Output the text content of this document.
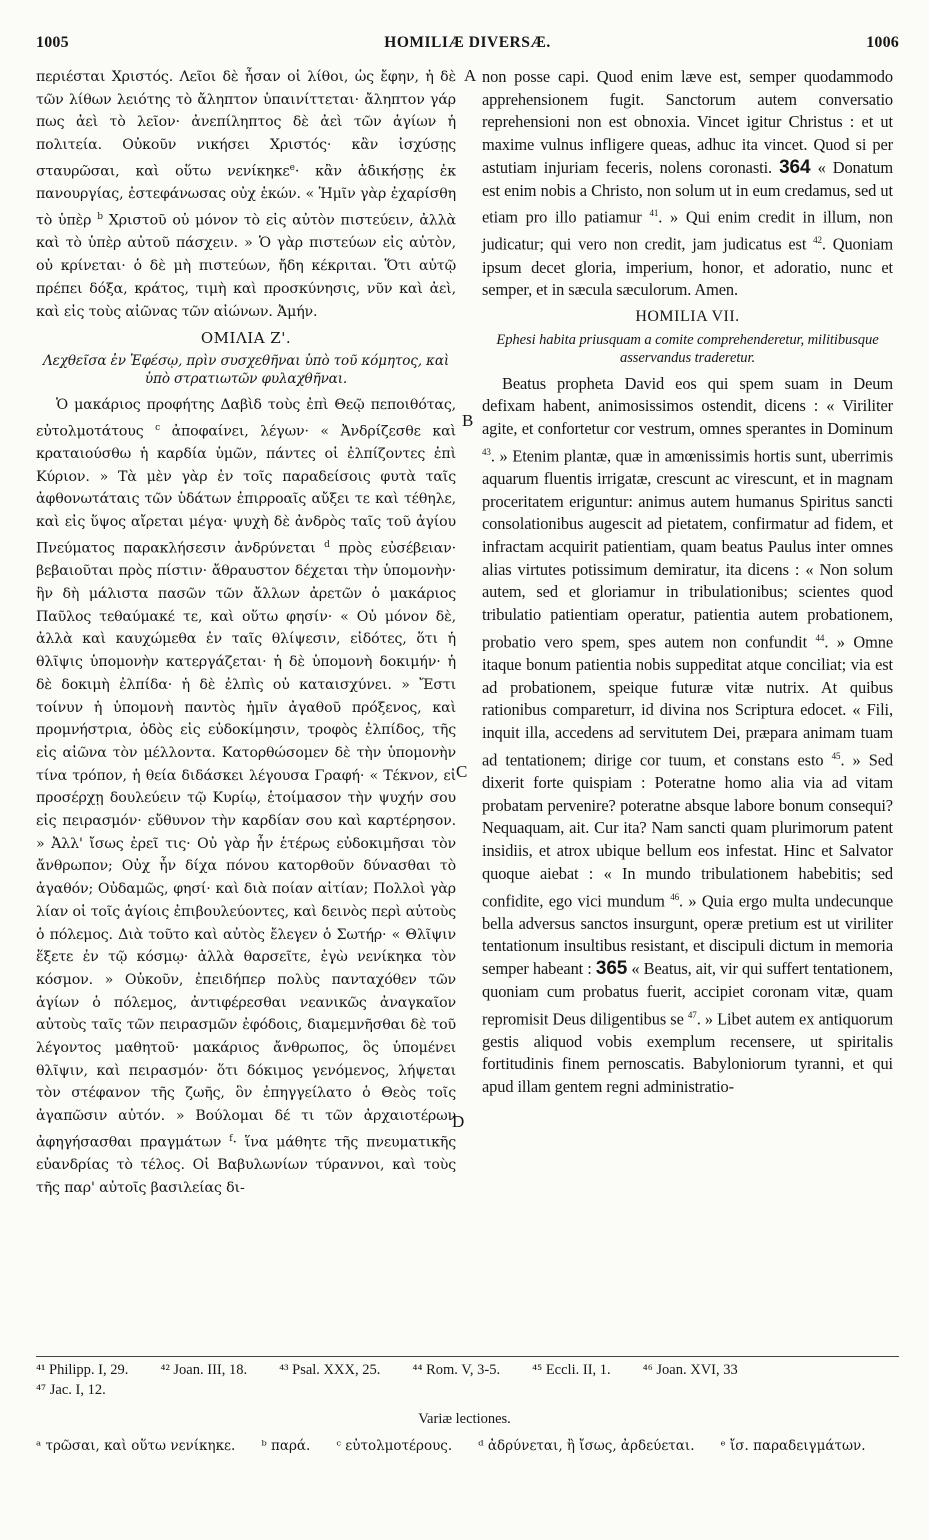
1005	HOMILIÆ DIVERSÆ.	1006

περιέσται Χριστός. Λεῖοι δὲ ἦσαν οἱ λίθοι, ὡς ἔφην, ἡ δὲ τῶν λίθων λειότης τὸ ἄληπτον ὑπαινίττεται· ἄληπτον γάρ πως ἀεὶ τὸ λεῖον· ἀνεπίληπτος δὲ ἀεὶ τῶν ἁγίων ἡ πολιτεία. Οὐκοῦν νικήσει Χριστός· κἂν ἰσχύσῃς σταυρῶσαι, καὶ οὕτω νενίκηκε$^e$· κἂν ἀδικήσῃς ἐκ πανουργίας, ἐστεφάνωσας οὐχ ἑκών. « Ἡμῖν γὰρ ἐχαρίσθη τὸ ὑπὲρ $^b$ Χριστοῦ οὐ μόνον τὸ εἰς αὐτὸν πιστεύειν, ἀλλὰ καὶ τὸ ὑπὲρ αὐτοῦ πάσχειν. » Ὁ γὰρ πιστεύων εἰς αὐτὸν, οὐ κρίνεται· ὁ δὲ μὴ πιστεύων, ἤδη κέκριται. Ὅτι αὐτῷ πρέπει δόξα, κράτος, τιμὴ καὶ προσκύνησις, νῦν καὶ ἀεὶ, καὶ εἰς τοὺς αἰῶνας τῶν αἰώνων. Ἀμήν.

ΟΜΙΛΙΑ Ζ'.
Λεχθεῖσα ἐν Ἐφέσῳ, πρὶν συσχεθῆναι ὑπὸ τοῦ κόμητος, καὶ ὑπὸ στρατιωτῶν φυλαχθῆναι.

Ὁ μακάριος προφήτης Δαβὶδ τοὺς ἐπὶ Θεῷ πεποιθότας, εὐτολμοτάτους $^c$ ἀποφαίνει, λέγων· « Ἀνδρίζεσθε καὶ κραταιούσθω ἡ καρδία ὑμῶν, πάντες οἱ ἐλπίζοντες ἐπὶ Κύριον. » Τὰ μὲν γὰρ ἐν τοῖς παραδείσοις φυτὰ ταῖς ἀφθονωτάταις τῶν ὑδάτων ἐπιρροαῖς αὔξει τε καὶ τέθηλε, καὶ εἰς ὕψος αἴρεται μέγα· ψυχὴ δὲ ἀνδρὸς ταῖς τοῦ ἁγίου Πνεύματος παρακλήσεσιν ἀνδρύνεται $^d$ πρὸς εὐσέβειαν· βεβαιοῦται πρὸς πίστιν· ἄθραυστον δέχεται τὴν ὑπομονὴν· ἣν δὴ μάλιστα πασῶν τῶν ἄλλων ἀρετῶν ὁ μακάριος Παῦλος τεθαύμακέ τε, καὶ οὕτω φησίν· « Οὐ μόνον δὲ, ἀλλὰ καὶ καυχώμεθα ἐν ταῖς θλίψεσιν, εἰδότες, ὅτι ἡ θλῖψις ὑπομονὴν κατεργάζεται· ἡ δὲ ὑπομονὴ δοκιμήν· ἡ δὲ δοκιμὴ ἐλπίδα· ἡ δὲ ἐλπὶς οὐ καταισχύνει. » Ἔστι τοίνυν ἡ ὑπομονὴ παντὸς ἡμῖν ἀγαθοῦ πρόξενος, καὶ προμνήστρια, ὁδὸς εἰς εὐδοκίμησιν, τροφὸς ἐλπίδος, τῆς εἰς αἰῶνα τὸν μέλλοντα. Κατορθώσομεν δὲ τὴν ὑπομονὴν τίνα τρόπον, ἡ θεία διδάσκει λέγουσα Γραφή· « Τέκνον, εἰ προσέρχῃ δουλεύειν τῷ Κυρίῳ, ἑτοίμασον τὴν ψυχήν σου εἰς πειρασμόν· εὔθυνον τὴν καρδίαν σου καὶ καρτέρησον. » Ἀλλ' ἴσως ἐρεῖ τις· Οὐ γὰρ ἦν ἑτέρως εὐδοκιμῆσαι τὸν ἄνθρωπον; Οὐχ ἦν δίχα πόνου κατορθοῦν δύνασθαι τὸ ἀγαθόν; Οὐδαμῶς, φησί· καὶ διὰ ποίαν αἰτίαν; Πολλοὶ γὰρ λίαν οἱ τοῖς ἁγίοις ἐπιβουλεύοντες, καὶ δεινὸς περὶ αὐτοὺς ὁ πόλεμος. Διὰ τοῦτο καὶ αὐτὸς ἔλεγεν ὁ Σωτήρ· « Θλῖψιν ἕξετε ἐν τῷ κόσμῳ· ἀλλὰ θαρσεῖτε, ἐγὼ νενίκηκα τὸν κόσμον. » Οὐκοῦν, ἐπειδήπερ πολὺς πανταχόθεν τῶν ἁγίων ὁ πόλεμος, ἀντιφέρεσθαι νεανικῶς ἀναγκαῖον αὐτοὺς ταῖς τῶν πειρασμῶν ἐφόδοις, διαμεμνῆσθαι δὲ τοῦ λέγοντος μαθητοῦ· μακάριος ἄνθρωπος, ὃς ὑπομένει θλῖψιν, καὶ πειρασμόν· ὅτι δόκιμος γενόμενος, λήψεται τὸν στέφανον τῆς ζωῆς, ὃν ἐπηγγείλατο ὁ Θεὸς τοῖς ἀγαπῶσιν αὐτόν. » Βούλομαι δέ τι τῶν ἀρχαιοτέρων ἀφηγήσασθαι πραγμάτων $^f$· ἵνα μάθητε τῆς πνευματικῆς εὐανδρίας τὸ τέλος. Οἱ Βαβυλωνίων τύραννοι, καὶ τοὺς τῆς παρ' αὐτοῖς βασιλείας δι-

A
B
C
D

non posse capi. Quod enim læve est, semper quodammodo apprehensionem fugit. Sanctorum autem conversatio reprehensioni non est obnoxia. Vincet igitur Christus : et ut maxime vulnus infligere queas, adhuc ita vincet. Quod si per astutiam injuriam feceris, nolens coronasti. 364 « Donatum est enim nobis a Christo, non solum ut in eum credamus, sed ut etiam pro illo patiamur $^{41}$. » Qui enim credit in illum, non judicatur; qui vero non credit, jam judicatus est $^{42}$. Quoniam ipsum decet gloria, imperium, honor, et adoratio, nunc et semper, et in sæcula sæculorum. Amen.

HOMILIA VII.
Ephesi habita priusquam a comite comprehenderetur, militibusque asservandus traderetur.

Beatus propheta David eos qui spem suam in Deum defixam habent, animosissimos ostendit, dicens : « Viriliter agite, et confortetur cor vestrum, omnes sperantes in Dominum $^{43}$. » Etenim plantæ, quæ in amœnissimis hortis sunt, uberrimis aquarum fluentis irrigatæ, crescunt ac virescunt, et in magnam proceritatem eriguntur: animus autem humanus Spiritus sancti consolationibus augescit ad pietatem, confirmatur ad fidem, et infractam acquirit patientiam, quam beatus Paulus inter omnes alias virtutes potissimum demiratur, ita dicens : « Non solum autem, sed et gloriamur in tribulationibus; scientes quod tribulatio patientiam operatur, patientia autem probationem, probatio vero spem, spes autem non confundit $^{44}$. » Omne itaque bonum patientia nobis suppeditat atque conciliat; via est ad probationem, speique futuræ vitæ nutrix. At quibus rationibus compareturr, id divina nos Scriptura edocet. « Fili, inquit illa, accedens ad servitutem Dei, præpara animam tuam ad tentationem; dirige cor tuum, et constans esto $^{45}$. » Sed dixerit forte quispiam : Poteratne homo alia via ad vitam probatam pervenire? poteratne absque labore bonum consequi? Nequaquam, ait. Cur ita? Nam sancti quam plurimorum patent insidiis, et atrox ubique bellum eos infestat. Hinc et Salvator quoque aiebat : « In mundo tribulationem habebitis; sed confidite, ego vici mundum $^{46}$. » Quia ergo multa undecunque bella adversus sanctos insurgunt, operæ pretium est ut viriliter tentationum insultibus resistant, et discipuli dictum in memoria semper habeant : 365 « Beatus, ait, vir qui suffert tentationem, quoniam cum probatus fuerit, accipiet coronam vitæ, quam repromisit Deus diligentibus se $^{47}$. » Libet autem ex antiquorum gestis aliquod vobis exemplum recensere, ut spiritalis fortitudinis finem pernoscatis. Babyloniorum tyranni, et qui apud illam gentem regni administratio-

⁴¹ Philipp. I, 29. ⁴² Joan. III, 18. ⁴³ Psal. XXX, 25. ⁴⁴ Rom. V, 3-5. ⁴⁵ Eccli. II, 1. ⁴⁶ Joan. XVI, 33
⁴⁷ Jac. I, 12.
Variæ lectiones.
ᵃ τρῶσαι, καὶ οὕτω νενίκηκε. ᵇ παρά. ᶜ εὐτολμοτέρους. ᵈ ἀδρύνεται, ἢ ἴσως, ἀρδεύεται. ᵉ ἴσ. παραδειγμάτων.
